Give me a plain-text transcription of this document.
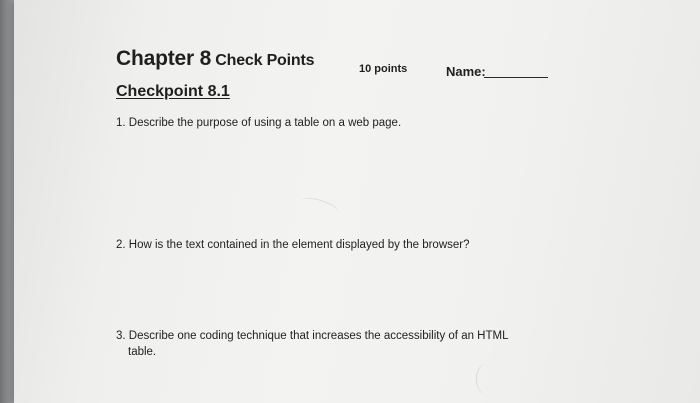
Chapter 8 Check Points	10 points	Name:
Checkpoint 8.1
1. Describe the purpose of using a table on a web page.
2. How is the text contained in the element displayed by the browser?
3. Describe one coding technique that increases the accessibility of an HTML
table.
